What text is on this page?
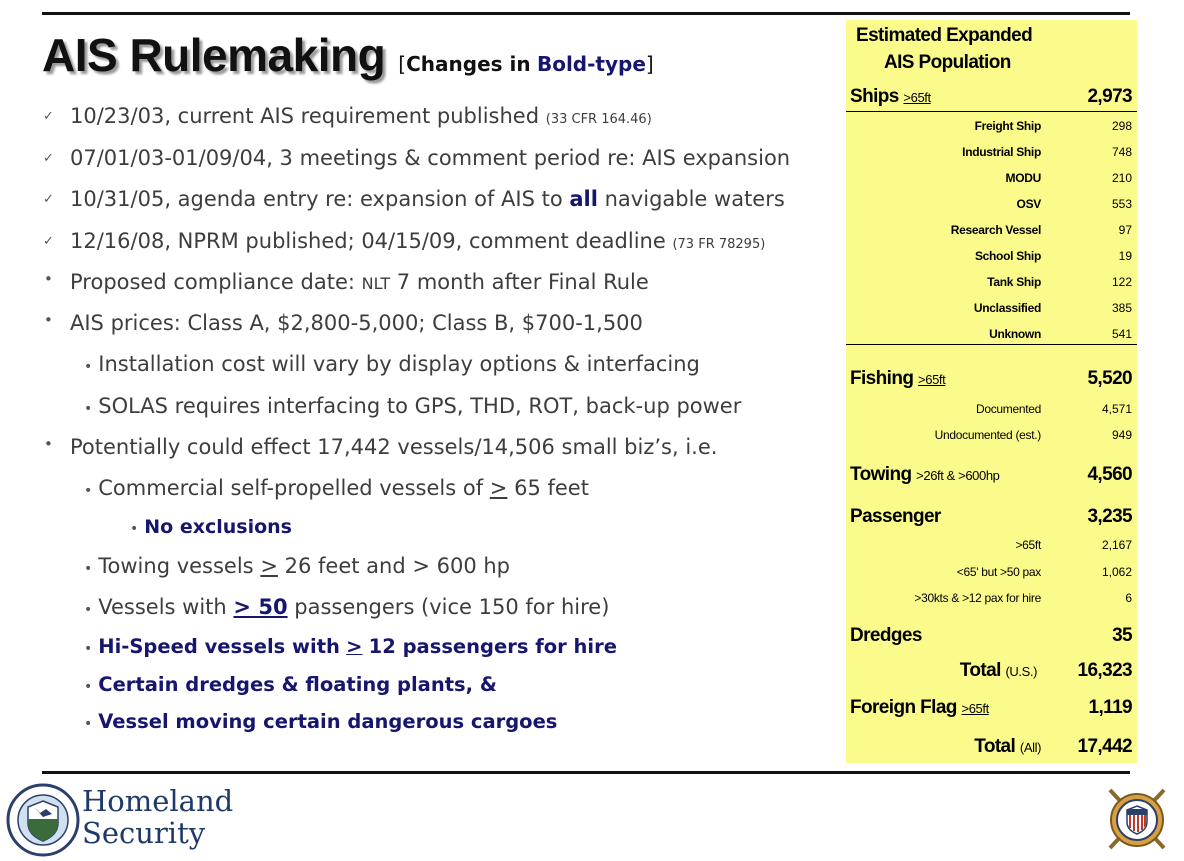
AIS Rulemaking [Changes in Bold-type]
✓ 10/23/03, current AIS requirement published (33 CFR 164.46)
✓ 07/01/03-01/09/04, 3 meetings & comment period re: AIS expansion
✓ 10/31/05, agenda entry re: expansion of AIS to all navigable waters
✓ 12/16/08, NPRM published; 04/15/09, comment deadline (73 FR 78295)
• Proposed compliance date: NLT 7 month after Final Rule
• AIS prices: Class A, $2,800-5,000; Class B, $700-1,500
• Installation cost will vary by display options & interfacing
• SOLAS requires interfacing to GPS, THD, ROT, back-up power
• Potentially could effect 17,442 vessels/14,506 small biz’s, i.e.
• Commercial self-propelled vessels of > 65 feet
• No exclusions
• Towing vessels > 26 feet and > 600 hp
• Vessels with > 50 passengers (vice 150 for hire)
• Hi-Speed vessels with > 12 passengers for hire
• Certain dredges & floating plants, &
• Vessel moving certain dangerous cargoes
Estimated Expanded
AIS Population
Ships >65ft	2,973
Freight Ship	298
Industrial Ship	748
MODU	210
OSV	553
Research Vessel	97
School Ship	19
Tank Ship	122
Unclassified	385
Unknown	541
Fishing >65ft	5,520
Documented	4,571
Undocumented (est.)	949
Towing >26ft & >600hp	4,560
Passenger	3,235
>65ft	2,167
<65' but >50 pax	1,062
>30kts & >12 pax for hire	6
Dredges	35
Total (U.S.) 16,323
Foreign Flag >65ft	1,119
Total (All) 17,442
Homeland
Security
